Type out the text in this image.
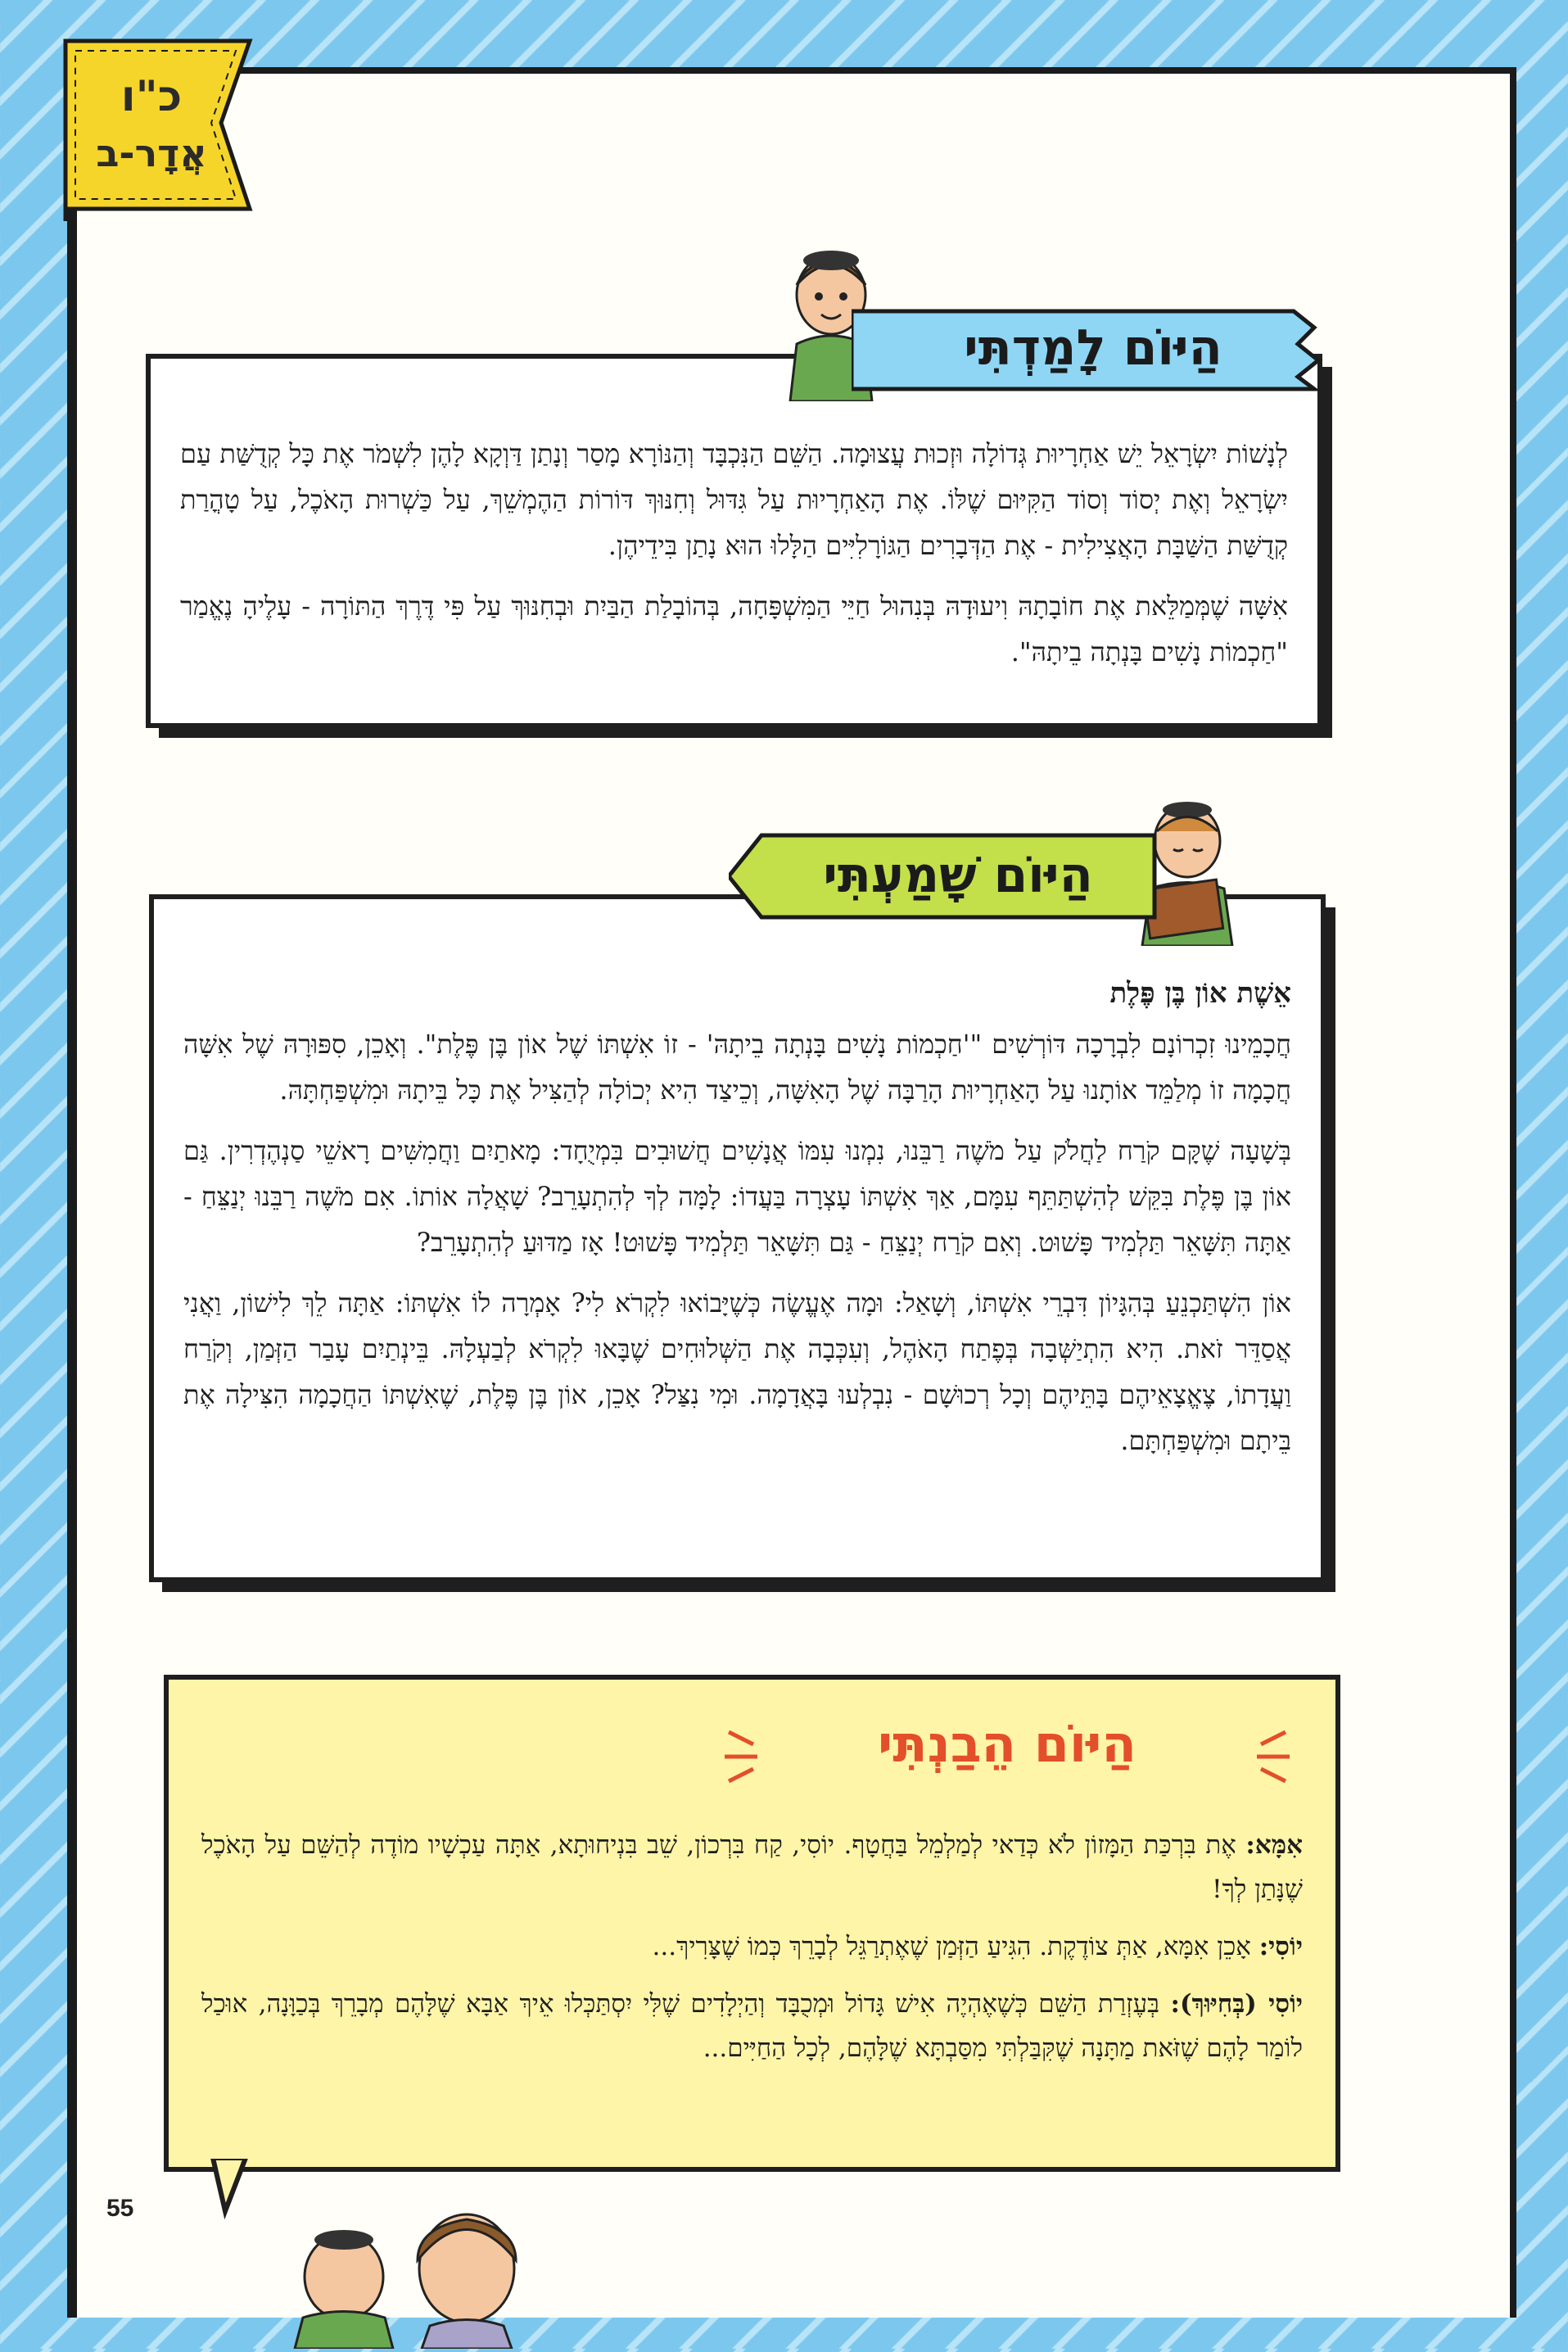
כ"ו
אֲדָר-ב

לְנָשׁוֹת יִשְׂרָאֵל יֵשׁ אַחְרָיוּת גְּדוֹלָה וּזְכוּת עֲצוּמָה. הַשֵּׁם הַנִּכְבָּד וְהַנּוֹרָא מָסַר וְנָתַן דַּוְקָא לָהֶן לִשְׁמֹר אֶת כָּל קְדֻשַּׁת עַם יִשְׂרָאֵל וְאֶת יְסוֹד וְסוֹד הַקִּיּוּם שֶׁלּוֹ. אֶת הָאַחְרָיוּת עַל גִּדּוּל וְחִנּוּךְ דּוֹרוֹת הַהֶמְשֵׁךְ, עַל כַּשְׁרוּת הָאֹכֶל, עַל טָהֳרַת קְדֻשַּׁת הַשַּׁבָּת הָאֲצִילִית - אֶת הַדְּבָרִים הַגּוֹרָלִיִּים הַלָּלוּ הוּא נָתַן בִּידֵיהֶן.

אִשָּׁה שֶׁמְּמַלֵּאת אֶת חוֹבָתָהּ וִיעוּדָהּ בְּנִהוּל חַיֵּי הַמִּשְׁפָּחָה, בְּהוֹבָלַת הַבַּיִת וּבְחִנּוּךְ עַל פִּי דֶּרֶךְ הַתּוֹרָה - עָלֶיהָ נֶאֱמַר "חַכְמוֹת נָשִׁים בָּנְתָה בֵיתָהּ".

הַיּוֹם לָמַדְתִּי
אֵשֶׁת אוֹן בֶּן פֶּלֶת

חֲכָמֵינוּ זִכְרוֹנָם לִבְרָכָה דּוֹרְשִׁים "'חַכְמוֹת נָשִׁים בָּנְתָה בֵיתָהּ' - זוֹ אִשְׁתּוֹ שֶׁל אוֹן בֶּן פֶּלֶת". וְאָכֵן, סִפּוּרָהּ שֶׁל אִשָּׁה חֲכָמָה זוֹ מְלַמֵּד אוֹתָנוּ עַל הָאַחְרָיוּת הָרַבָּה שֶׁל הָאִשָּׁה, וְכֵיצַד הִיא יְכוֹלָה לְהַצִּיל אֶת כָּל בֵּיתָהּ וּמִשְׁפַּחְתָּהּ.

בְּשָׁעָה שֶׁקָּם קֹרַח לַחֲלֹק עַל מֹשֶׁה רַבֵּנוּ, נִמְנוּ עִמּוֹ אֲנָשִׁים חֲשׁוּבִים בִּמְיֻחָד: מָאתַיִם וַחֲמִשִּׁים רָאשֵׁי סַנְהֶדְרִין. גַּם אוֹן בֶּן פֶּלֶת בִּקֵּשׁ לְהִשְׁתַּתֵּף עִמָּם, אַךְ אִשְׁתּוֹ עָצְרָה בַּעֲדוֹ: לָמָּה לְךָ לְהִתְעָרֵב? שָׁאֲלָה אוֹתוֹ. אִם מֹשֶׁה רַבֵּנוּ יְנַצֵּחַ - אַתָּה תִּשָּׁאֵר תַּלְמִיד פָּשׁוּט. וְאִם קֹרַח יְנַצֵּחַ - גַּם תִּשָּׁאֵר תַּלְמִיד פָּשׁוּט! אָז מַדּוּעַ לְהִתְעָרֵב?

אוֹן הִשְׁתַּכְנֵעַ בְּהִגָּיוֹן דִּבְרֵי אִשְׁתּוֹ, וְשָׁאַל: וּמָה אֶעֱשֶׂה כְּשֶׁיָּבוֹאוּ לִקְרֹא לִי? אָמְרָה לוֹ אִשְׁתּוֹ: אַתָּה לֵךְ לִישׁוֹן, וַאֲנִי אֲסַדֵּר זֹאת. הִיא הִתְיַשְּׁבָה בְּפֶתַח הָאֹהֶל, וְעִכְּבָה אֶת הַשְּׁלוּחִים שֶׁבָּאוּ לִקְרֹא לְבַעְלָהּ. בֵּינְתַיִם עָבַר הַזְּמַן, וְקֹרַח וַעֲדָתוֹ, צֶאֱצָאֵיהֶם בָּתֵּיהֶם וְכָל רְכוּשָׁם - נִבְלְעוּ בָּאֲדָמָה. וּמִי נִצַּל? אָכֵן, אוֹן בֶּן פֶּלֶת, שֶׁאִשְׁתּוֹ הַחֲכָמָה הִצִּילָה אֶת בֵּיתָם וּמִשְׁפַּחְתָּם.

הַיּוֹם שָׁמַעְתִּי

אִמָּא: אֶת בִּרְכַּת הַמָּזוֹן לֹא כְּדַאי לְמַלְמֵל בַּחֲטָף. יוֹסִי, קַח בִּרְכוֹן, שֵׁב בִּנְיחוּתָא, אַתָּה עַכְשָׁיו מוֹדֶה לְהַשֵּׁם עַל הָאֹכֶל שֶׁנָּתַן לְךָ!

יוֹסִי: אָכֵן אִמָּא, אַתְּ צוֹדֶקֶת. הִגִּיעַ הַזְּמַן שֶׁאֶתְרַגֵּל לְבָרֵךְ כְּמוֹ שֶׁצָּרִיךְ...

יוֹסִי (בְּחִיּוּךְ): בְּעֶזְרַת הַשֵּׁם כְּשֶׁאֶהְיֶה אִישׁ גָּדוֹל וּמְכֻבָּד וְהַיְלָדִים שֶׁלִּי יִסְתַּכְּלוּ אֵיךְ אַבָּא שֶׁלָּהֶם מְבָרֵךְ בְּכַוָּנָה, אוּכַל לוֹמַר לָהֶם שֶׁזֹּאת מַתָּנָה שֶׁקִּבַּלְתִּי מִסַּבְתָּא שֶׁלָּהֶם, לְכָל הַחַיִּים...

הַיּוֹם הֵבַנְתִּי
55
